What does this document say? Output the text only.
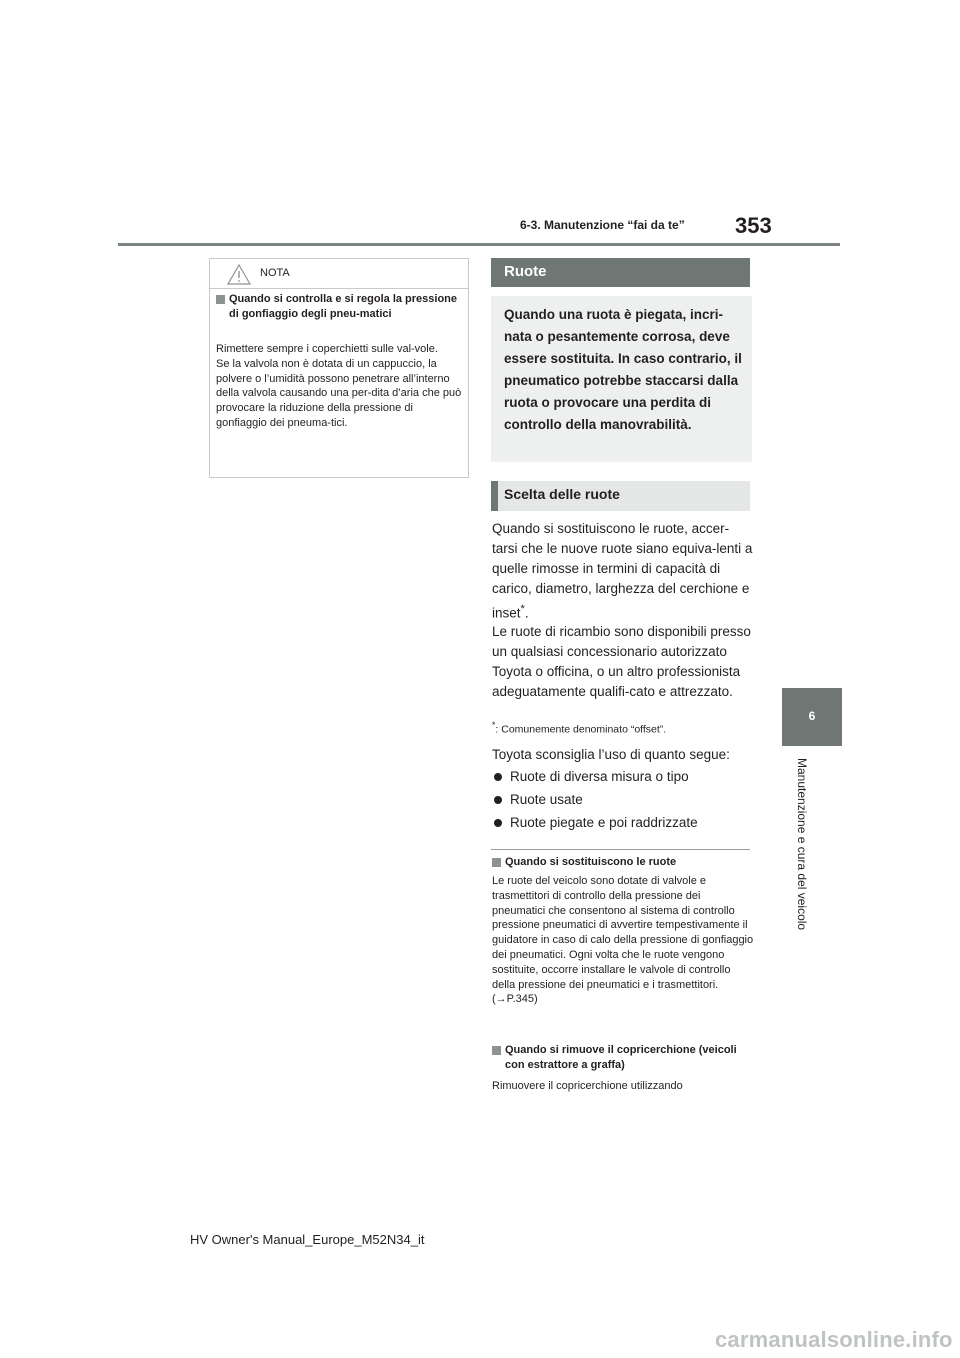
6-3. Manutenzione “fai da te” 353
6
Manutenzione e cura del veicolo
NOTA
Quando si controlla e si regola la pressione di gonfiaggio degli pneu-matici
Rimettere sempre i coperchietti sulle val-vole.
Se la valvola non è dotata di un cappuccio, la polvere o l’umidità possono penetrare all’interno della valvola causando una per-dita d’aria che può provocare la riduzione della pressione di gonfiaggio dei pneuma-tici.
Ruote
Quando una ruota è piegata, incri-nata o pesantemente corrosa, deve essere sostituita. In caso contrario, il pneumatico potrebbe staccarsi dalla ruota o provocare una perdita di controllo della manovrabilità.
Scelta delle ruote

Quando si sostituiscono le ruote, accer-tarsi che le nuove ruote siano equiva-lenti a quelle rimosse in termini di capacità di carico, diametro, larghezza del cerchione e inset*.

Le ruote di ricambio sono disponibili presso un qualsiasi concessionario autorizzato Toyota o officina, o un altro professionista adeguatamente qualifi-cato e attrezzato.

*: Comunemente denominato “offset”.

Toyota sconsiglia l’uso di quanto segue:

Ruote di diversa misura o tipo
Ruote usate
Ruote piegate e poi raddrizzate
Quando si sostituiscono le ruote
Le ruote del veicolo sono dotate di valvole e trasmettitori di controllo della pressione dei pneumatici che consentono al sistema di controllo pressione pneumatici di avvertire tempestivamente il guidatore in caso di calo della pressione di gonfiaggio dei pneumatici. Ogni volta che le ruote vengono sostituite, occorre installare le valvole di controllo della pressione dei pneumatici e i trasmettitori.
(→P.345)
Quando si rimuove il copricerchione (veicoli con estrattore a graffa)
Rimuovere il copricerchione utilizzando
HV Owner's Manual_Europe_M52N34_it
carmanualsonline.info
